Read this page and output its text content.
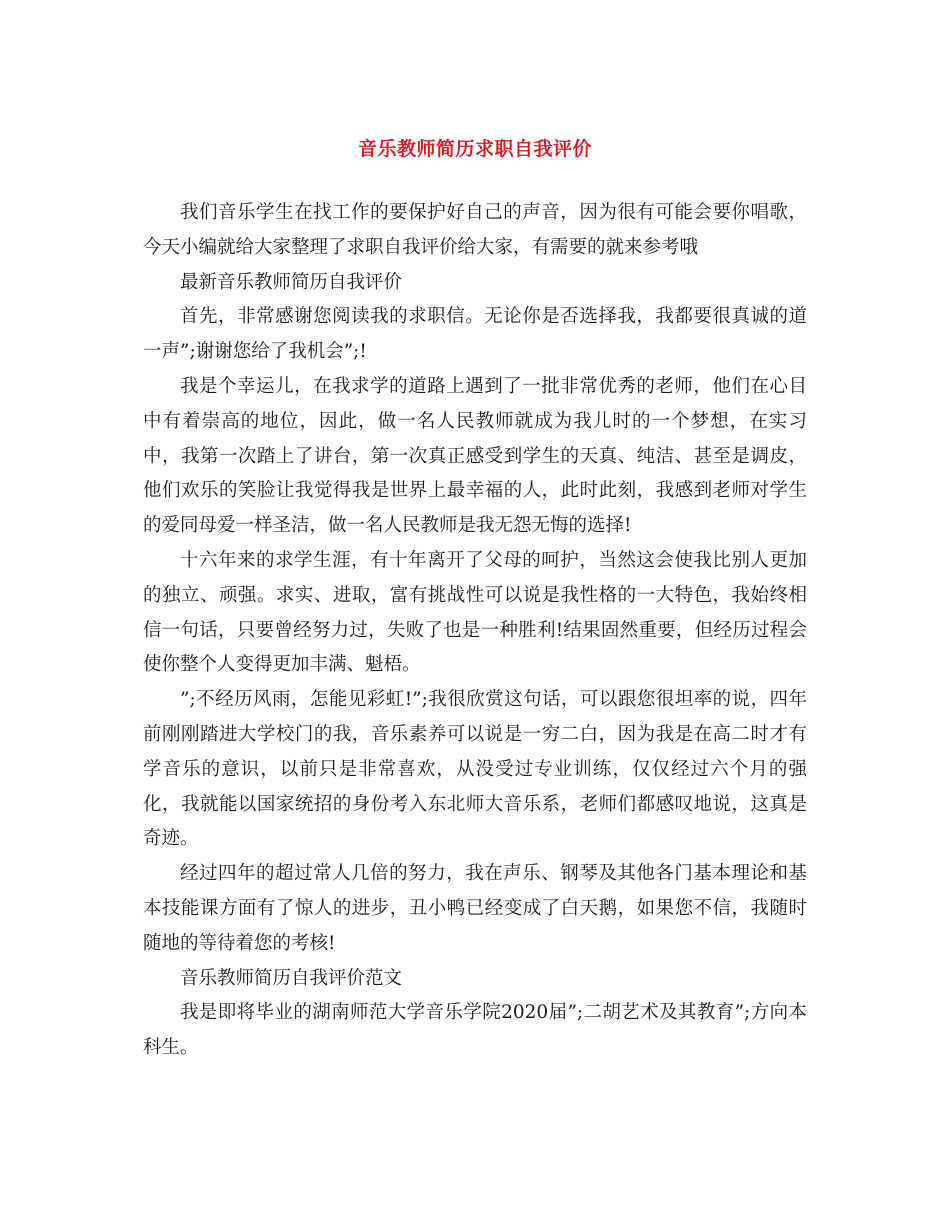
音乐教师简历求职自我评价

我们音乐学生在找工作的要保护好自己的声音，因为很有可能会要你唱歌，今天小编就给大家整理了求职自我评价给大家，有需要的就来参考哦

最新音乐教师简历自我评价

首先，非常感谢您阅读我的求职信。无论你是否选择我，我都要很真诚的道一声”;谢谢您给了我机会”;!

我是个幸运儿，在我求学的道路上遇到了一批非常优秀的老师，他们在心目中有着崇高的地位，因此，做一名人民教师就成为我儿时的一个梦想，在实习中，我第一次踏上了讲台，第一次真正感受到学生的天真、纯洁、甚至是调皮，他们欢乐的笑脸让我觉得我是世界上最幸福的人，此时此刻，我感到老师对学生的爱同母爱一样圣洁，做一名人民教师是我无怨无悔的选择!

十六年来的求学生涯，有十年离开了父母的呵护，当然这会使我比别人更加的独立、顽强。求实、进取，富有挑战性可以说是我性格的一大特色，我始终相信一句话，只要曾经努力过，失败了也是一种胜利!结果固然重要，但经历过程会使你整个人变得更加丰满、魁梧。

”;不经历风雨，怎能见彩虹!”;我很欣赏这句话，可以跟您很坦率的说，四年前刚刚踏进大学校门的我，音乐素养可以说是一穷二白，因为我是在高二时才有学音乐的意识，以前只是非常喜欢，从没受过专业训练，仅仅经过六个月的强化，我就能以国家统招的身份考入东北师大音乐系，老师们都感叹地说，这真是奇迹。

经过四年的超过常人几倍的努力，我在声乐、钢琴及其他各门基本理论和基本技能课方面有了惊人的进步，丑小鸭已经变成了白天鹅，如果您不信，我随时随地的等待着您的考核!

音乐教师简历自我评价范文

我是即将毕业的湖南师范大学音乐学院2020届”;二胡艺术及其教育”;方向本科生。
